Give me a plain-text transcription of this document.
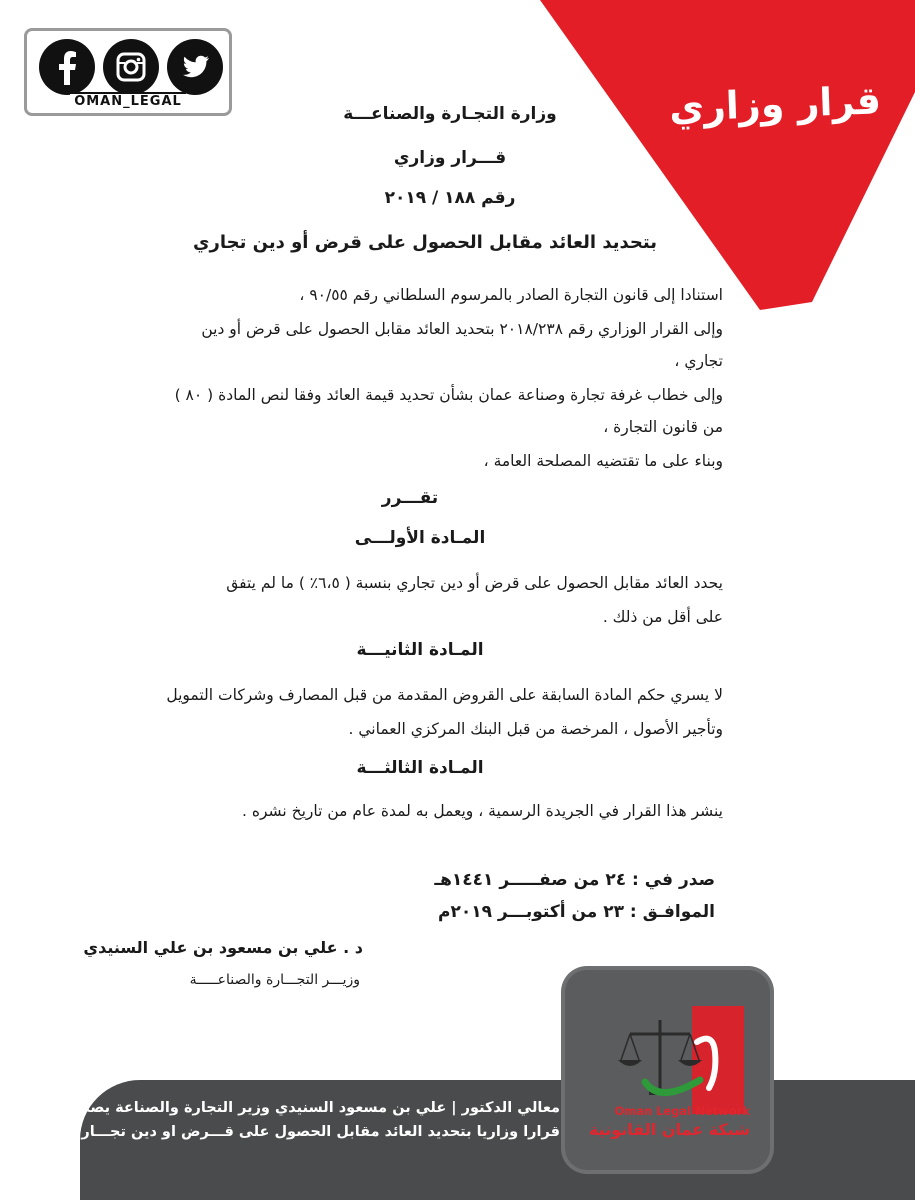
قرار وزاري
OMAN_LEGAL
وزارة التجـارة والصناعـــة
قـــرار وزاري
رقم ١٨٨ / ٢٠١٩
بتحديد العائد مقابل الحصول على قرض أو دين تجاري
استنادا إلى قانون التجارة الصادر بالمرسوم السلطاني رقم ٩٠/٥٥ ،
وإلى القرار الوزاري رقم ٢٠١٨/٢٣٨ بتحديد العائد مقابل الحصول على قرض أو دين
تجاري ،
وإلى خطاب غرفة تجارة وصناعة عمان بشأن تحديد قيمة العائد وفقا لنص المادة ( ٨٠ )
من قانون التجارة ،
وبناء على ما تقتضيه المصلحة العامة ،
تقـــرر
المـادة الأولـــى
يحدد العائد مقابل الحصول على قرض أو دين تجاري بنسبة ( ٦،٥٪ ) ما لم يتفق
على أقل من ذلك .
المـادة الثانيـــة
لا يسري حكم المادة السابقة على القروض المقدمة من قبل المصارف وشركات التمويل
وتأجير الأصول ، المرخصة من قبل البنك المركزي العماني .
المـادة الثالثـــة
ينشر هذا القرار في الجريدة الرسمية ، ويعمل به لمدة عام من تاريخ نشره .
صدر في : ٢٤ من صفـــــر ١٤٤١هـ
الموافـق : ٢٣ من أكتوبـــر ٢٠١٩م
د . علي بن مسعود بن علي السنيدي
وزيـــر التجـــارة والصناعـــــة
معالي الدكتور | علي بن مسعود السنيدي وزير التجارة والصناعة يصدر
قرارا وزاريا بتحديد العائد مقابل الحصول على قـــرض او دين تجـــاري .
Oman Legal Network
شبكة عمان القانونية
